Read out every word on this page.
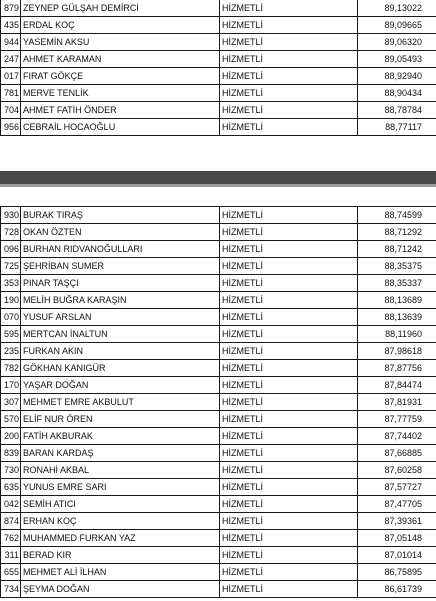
879	ZEYNEP GÜLŞAH DEMİRCİ	HİZMETLİ	89,13022
435	ERDAL KOÇ	HİZMETLİ	89,09665
944	YASEMİN AKSU	HİZMETLİ	89,06320
247	AHMET KARAMAN	HİZMETLİ	89,05493
017	FIRAT GÖKÇE	HİZMETLİ	88,92940
781	MERVE TENLİK	HİZMETLİ	88,90434
704	AHMET FATİH ÖNDER	HİZMETLİ	88,78784
956	CEBRAİL HOCAOĞLU	HİZMETLİ	88,77117
930	BURAK TIRAŞ	HİZMETLİ	88,74599
728	OKAN ÖZTEN	HİZMETLİ	88,71292
096	BURHAN RIDVANOĞULLARI	HİZMETLİ	88,71242
725	ŞEHRİBAN SUMER	HİZMETLİ	88,35375
353	PINAR TAŞÇI	HİZMETLİ	88,35337
190	MELİH BUĞRA KARAŞIN	HİZMETLİ	88,13689
070	YUSUF ARSLAN	HİZMETLİ	88,13639
595	MERTCAN İNALTUN	HİZMETLİ	88,11960
235	FURKAN AKIN	HİZMETLİ	87,98618
782	GÖKHAN KANIGÜR	HİZMETLİ	87,87756
170	YAŞAR DOĞAN	HİZMETLİ	87,84474
307	MEHMET EMRE AKBULUT	HİZMETLİ	87,81931
570	ELİF NUR ÖREN	HİZMETLİ	87,77759
200	FATİH AKBURAK	HİZMETLİ	87,74402
839	BARAN KARDAŞ	HİZMETLİ	87,66885
730	RONAHİ AKBAL	HİZMETLİ	87,60258
635	YUNUS EMRE SARI	HİZMETLİ	87,57727
042	SEMİH ATICI	HİZMETLİ	87,47705
874	ERHAN KOÇ	HİZMETLİ	87,39361
762	MUHAMMED FURKAN YAZ	HİZMETLİ	87,05148
311	BERAD KIR	HİZMETLİ	87,01014
655	MEHMET ALİ İLHAN	HİZMETLİ	86,75895
734	ŞEYMA DOĞAN	HİZMETLİ	86,61739
